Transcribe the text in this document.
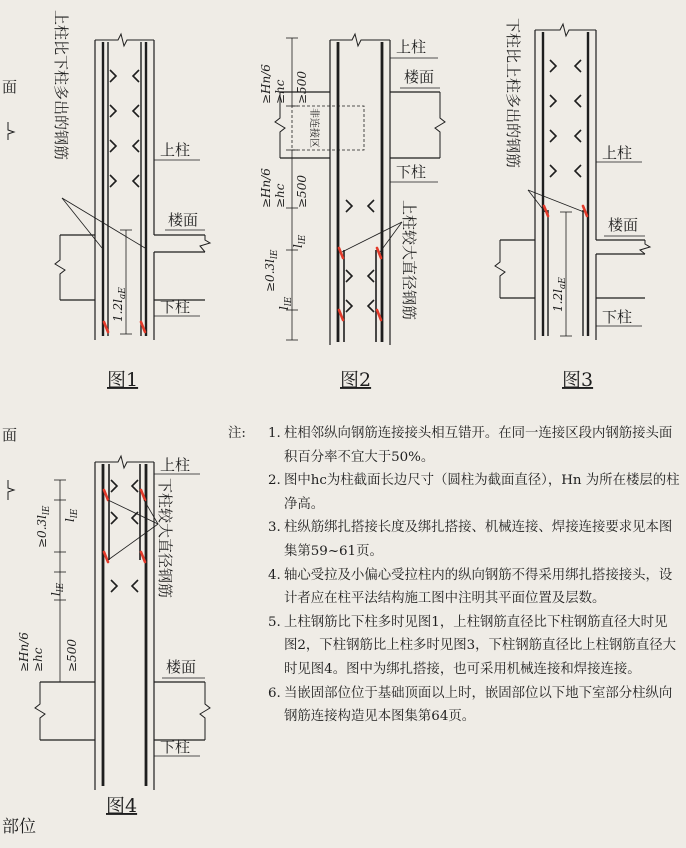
面
面
部位
$1.2l_{aE}$
上柱比下柱多出的钢筋	上柱
楼面
下柱
图1
上柱较大直径钢筋
上柱
楼面
下柱
非连接区
≥Hn/6 ≥hc ≥500
≥Hn/6 ≥hc ≥500
$\ge 0.3l_{lE}$
$l_{lE}$
$l_{lE}$
图2
$1.2l_{aE}$
下柱比上柱多出的钢筋	上柱
楼面
下柱
图3
下柱较大直径钢筋
上柱
楼面
下柱
$\ge 0.3l_{lE}$
$l_{lE}$
$l_{lE}$
≥Hn/6 ≥hc ≥500
图4
注: 1. 柱相邻纵向钢筋连接接头相互错开。在同一连接区段内钢筋接头面积百分率不宜大于50%。
2. 图中hc为柱截面长边尺寸（圆柱为截面直径），Hn 为所在楼层的柱净高。
3. 柱纵筋绑扎搭接长度及绑扎搭接、机械连接、焊接连接要求见本图集第59~61页。
4. 轴心受拉及小偏心受拉柱内的纵向钢筋不得采用绑扎搭接接头，设计者应在柱平法结构施工图中注明其平面位置及层数。
5. 上柱钢筋比下柱多时见图1，上柱钢筋直径比下柱钢筋直径大时见图2，下柱钢筋比上柱多时见图3，下柱钢筋直径比上柱钢筋直径大时见图4。图中为绑扎搭接，也可采用机械连接和焊接连接。
6. 当嵌固部位位于基础顶面以上时，嵌固部位以下地下室部分柱纵向钢筋连接构造见本图集第64页。
